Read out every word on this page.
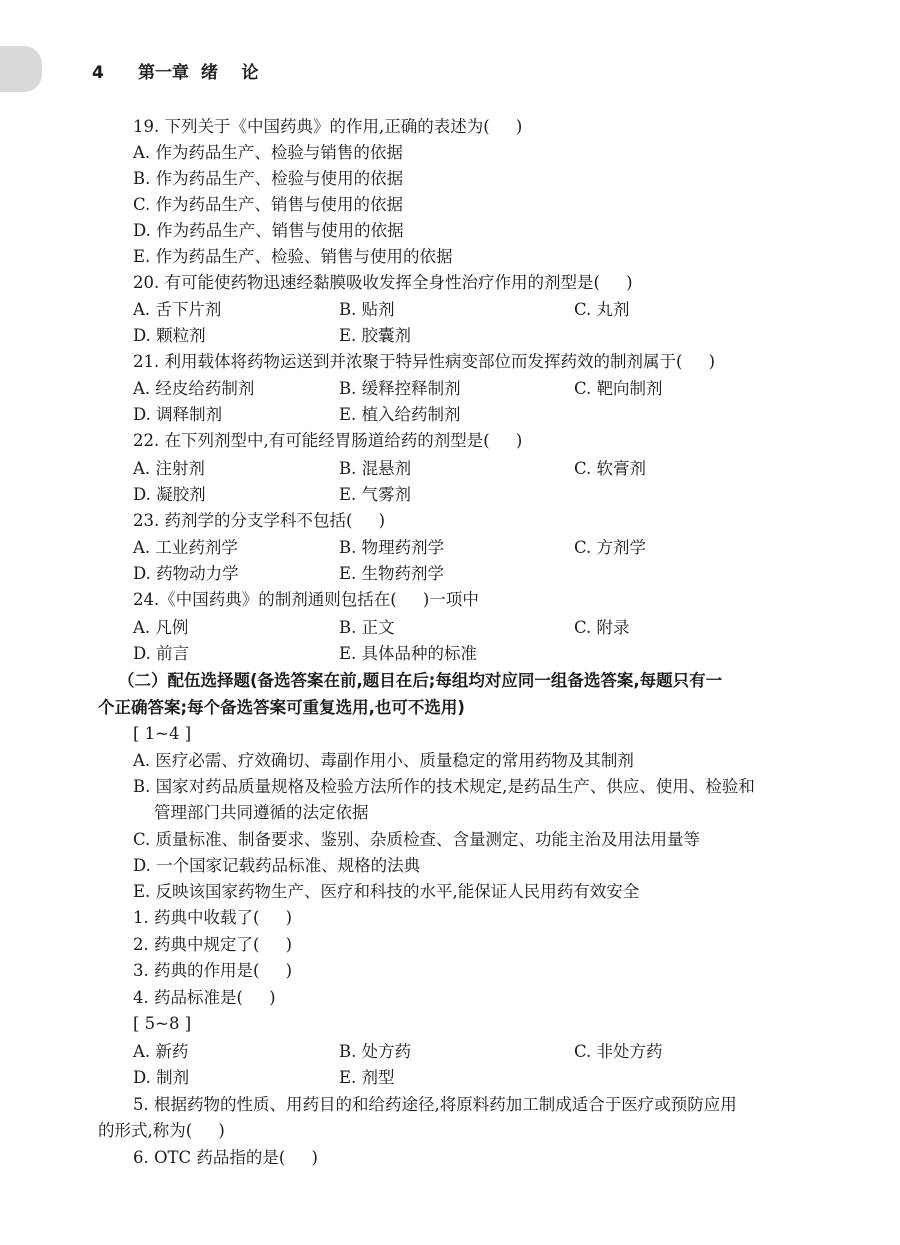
4 第一章  绪    论
19. 下列关于《中国药典》的作用,正确的表述为(     )
A. 作为药品生产、检验与销售的依据
B. 作为药品生产、检验与使用的依据
C. 作为药品生产、销售与使用的依据
D. 作为药品生产、销售与使用的依据
E. 作为药品生产、检验、销售与使用的依据
20. 有可能使药物迅速经黏膜吸收发挥全身性治疗作用的剂型是(     )
A. 舌下片剂	B. 贴剂	C. 丸剂
D. 颗粒剂	E. 胶囊剂
21. 利用载体将药物运送到并浓聚于特异性病变部位而发挥药效的制剂属于(     )
A. 经皮给药制剂	B. 缓释控释制剂	C. 靶向制剂
D. 调释制剂	E. 植入给药制剂
22. 在下列剂型中,有可能经胃肠道给药的剂型是(     )
A. 注射剂	B. 混悬剂	C. 软膏剂
D. 凝胶剂	E. 气雾剂
23. 药剂学的分支学科不包括(     )
A. 工业药剂学	B. 物理药剂学	C. 方剂学
D. 药物动力学	E. 生物药剂学
24.《中国药典》的制剂通则包括在(     )一项中
A. 凡例	B. 正文	C. 附录
D. 前言	E. 具体品种的标准
（二）配伍选择题(备选答案在前,题目在后;每组均对应同一组备选答案,每题只有一
个正确答案;每个备选答案可重复选用,也可不选用)
[ 1~4 ]
A. 医疗必需、疗效确切、毒副作用小、质量稳定的常用药物及其制剂
B. 国家对药品质量规格及检验方法所作的技术规定,是药品生产、供应、使用、检验和
管理部门共同遵循的法定依据
C. 质量标准、制备要求、鉴别、杂质检查、含量测定、功能主治及用法用量等
D. 一个国家记载药品标准、规格的法典
E. 反映该国家药物生产、医疗和科技的水平,能保证人民用药有效安全
1. 药典中收载了(     )
2. 药典中规定了(     )
3. 药典的作用是(     )
4. 药品标准是(     )
[ 5~8 ]
A. 新药	B. 处方药	C. 非处方药
D. 制剂	E. 剂型
5. 根据药物的性质、用药目的和给药途径,将原料药加工制成适合于医疗或预防应用
的形式,称为(     )
6. OTC 药品指的是(     )
